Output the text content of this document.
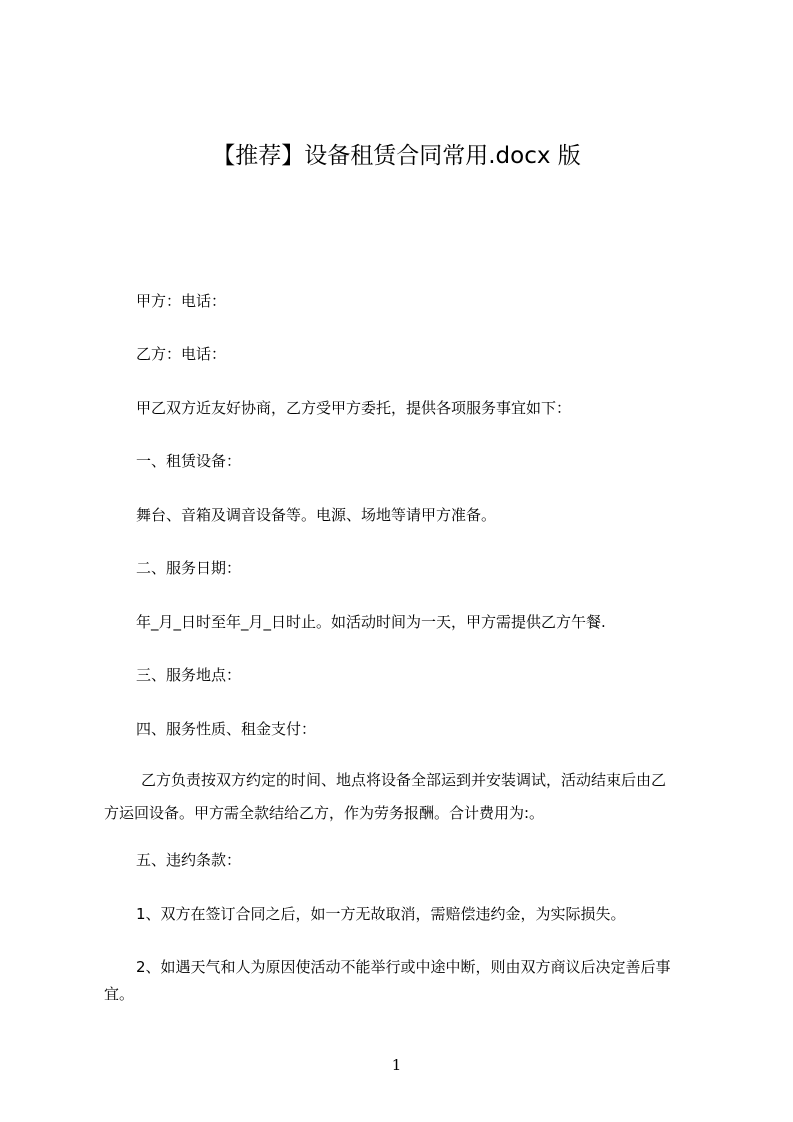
【推荐】设备租赁合同常用.docx 版
甲方：电话：
乙方：电话：
甲乙双方近友好协商，乙方受甲方委托，提供各项服务事宜如下：
一、租赁设备：
舞台、音箱及调音设备等。电源、场地等请甲方准备。
二、服务日期：
年_月_日时至年_月_日时止。如活动时间为一天，甲方需提供乙方午餐.
三、服务地点：
四、服务性质、租金支付：
乙方负责按双方约定的时间、地点将设备全部运到并安装调试，活动结束后由乙
方运回设备。甲方需全款结给乙方，作为劳务报酬。合计费用为:。
五、违约条款：
1、双方在签订合同之后，如一方无故取消，需赔偿违约金，为实际损失。
2、如遇天气和人为原因使活动不能举行或中途中断，则由双方商议后决定善后事
宜。
1
